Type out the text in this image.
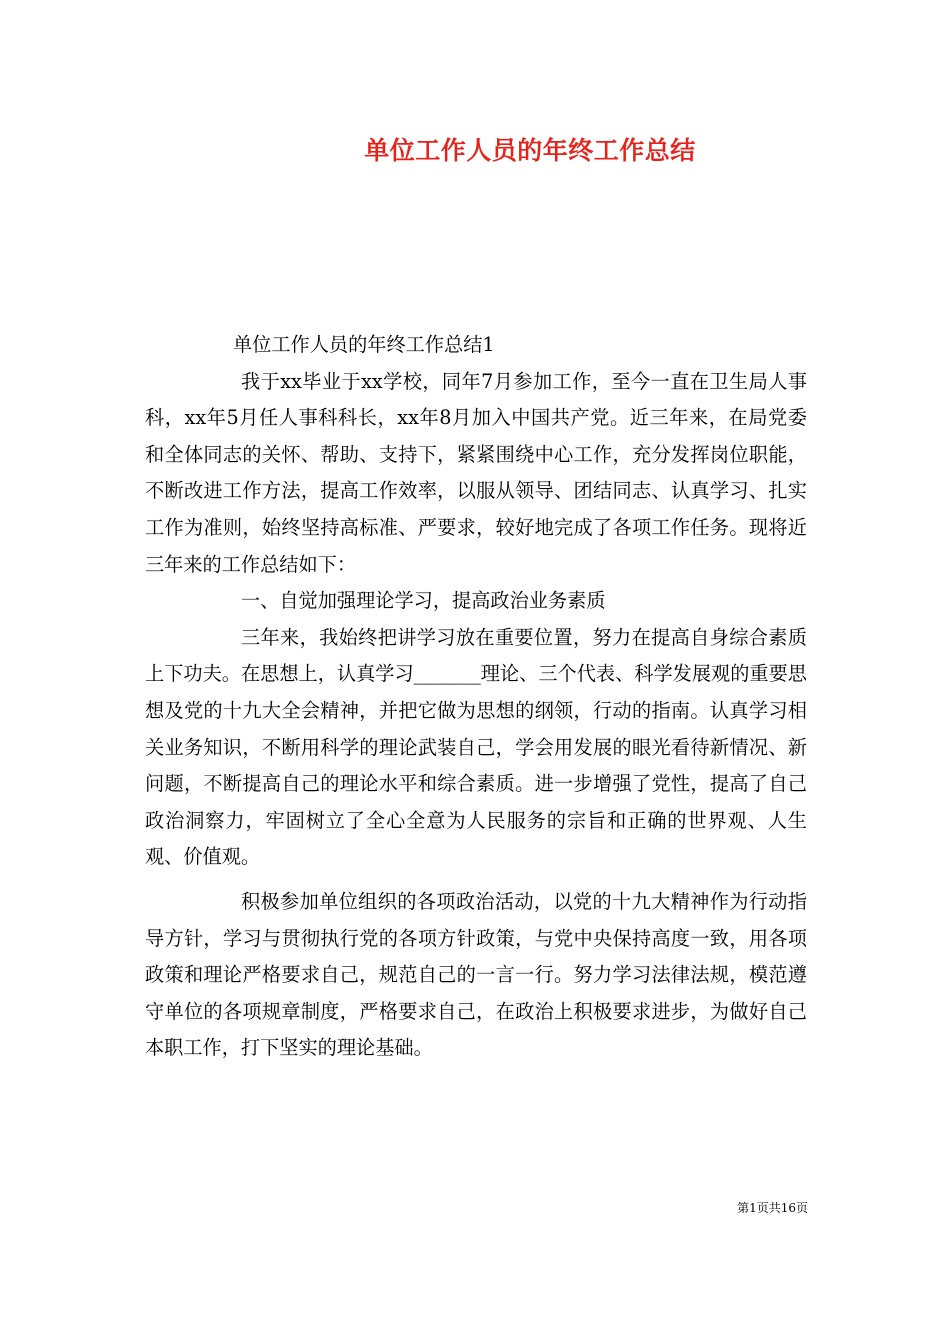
单位工作人员的年终工作总结

单位工作人员的年终工作总结1

我于xx毕业于xx学校，同年7月参加工作，至今一直在卫生局人事科，xx年5月任人事科科长，xx年8月加入中国共产党。近三年来，在局党委和全体同志的关怀、帮助、支持下，紧紧围绕中心工作，充分发挥岗位职能，不断改进工作方法，提高工作效率，以服从领导、团结同志、认真学习、扎实工作为准则，始终坚持高标准、严要求，较好地完成了各项工作任务。现将近三年来的工作总结如下：

一、自觉加强理论学习，提高政治业务素质

三年来，我始终把讲学习放在重要位置，努力在提高自身综合素质上下功夫。在思想上，认真学习_______理论、三个代表、科学发展观的重要思想及党的十九大全会精神，并把它做为思想的纲领，行动的指南。认真学习相关业务知识，不断用科学的理论武装自己，学会用发展的眼光看待新情况、新问题，不断提高自己的理论水平和综合素质。进一步增强了党性，提高了自己政治洞察力，牢固树立了全心全意为人民服务的宗旨和正确的世界观、人生观、价值观。

积极参加单位组织的各项政治活动，以党的十九大精神作为行动指导方针，学习与贯彻执行党的各项方针政策，与党中央保持高度一致，用各项政策和理论严格要求自己，规范自己的一言一行。努力学习法律法规，模范遵守单位的各项规章制度，严格要求自己，在政治上积极要求进步，为做好自己本职工作，打下坚实的理论基础。

第1页共16页
